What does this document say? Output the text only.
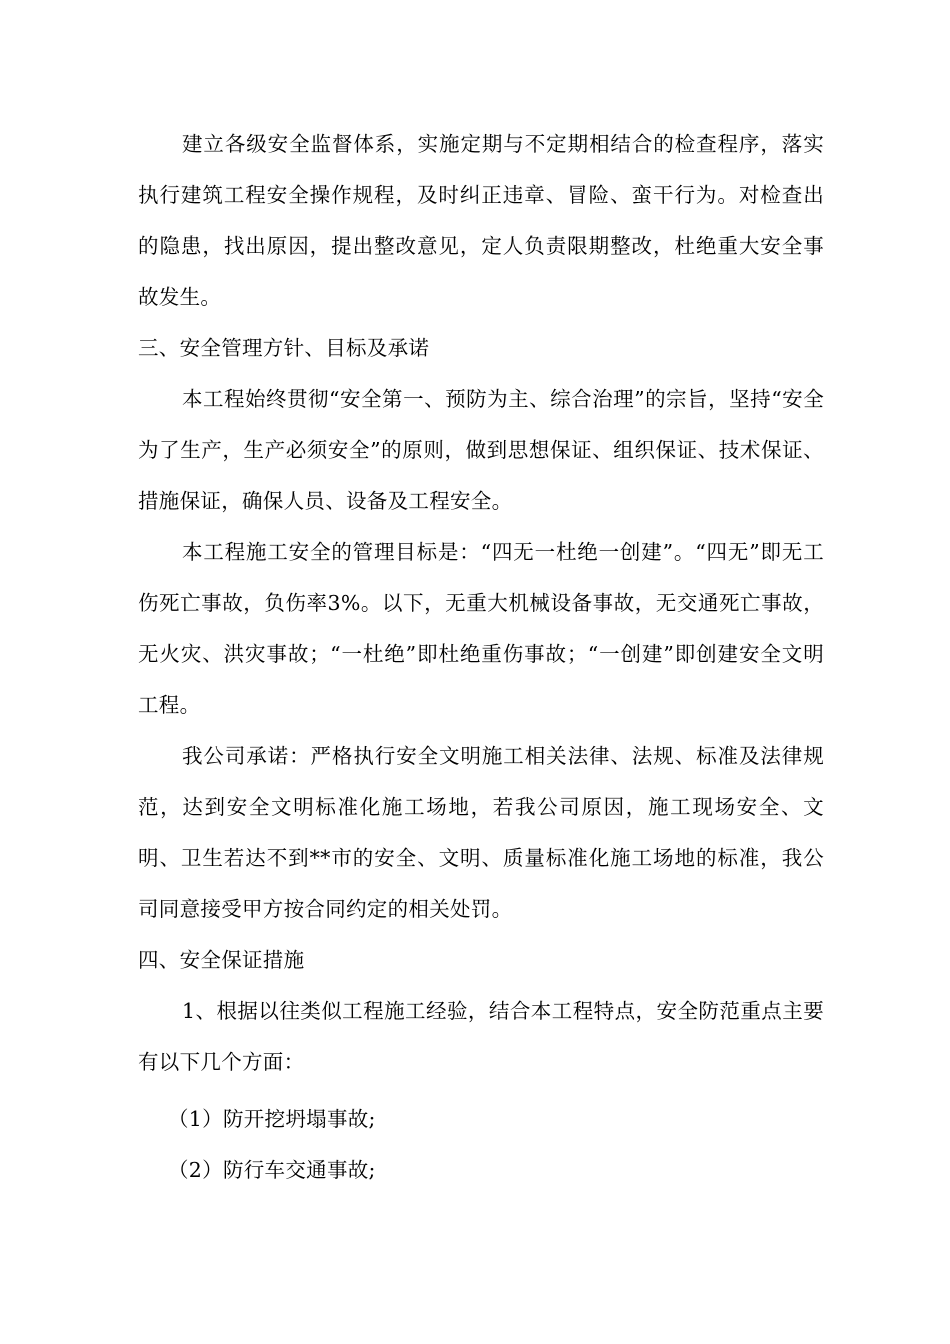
建立各级安全监督体系，实施定期与不定期相结合的检查程序，落实执行建筑工程安全操作规程，及时纠正违章、冒险、蛮干行为。对检查出的隐患，找出原因，提出整改意见，定人负责限期整改，杜绝重大安全事故发生。

三、安全管理方针、目标及承诺

本工程始终贯彻“安全第一、预防为主、综合治理”的宗旨，坚持“安全为了生产，生产必须安全”的原则，做到思想保证、组织保证、技术保证、措施保证，确保人员、设备及工程安全。

本工程施工安全的管理目标是：“四无一杜绝一创建”。“四无”即无工伤死亡事故，负伤率3%。以下，无重大机械设备事故，无交通死亡事故，无火灾、洪灾事故；“一杜绝”即杜绝重伤事故；“一创建”即创建安全文明工程。

我公司承诺：严格执行安全文明施工相关法律、法规、标准及法律规范，达到安全文明标准化施工场地，若我公司原因，施工现场安全、文明、卫生若达不到**市的安全、文明、质量标准化施工场地的标准，我公司同意接受甲方按合同约定的相关处罚。

四、安全保证措施

1、根据以往类似工程施工经验，结合本工程特点，安全防范重点主要有以下几个方面：

（1）防开挖坍塌事故;

（2）防行车交通事故;
